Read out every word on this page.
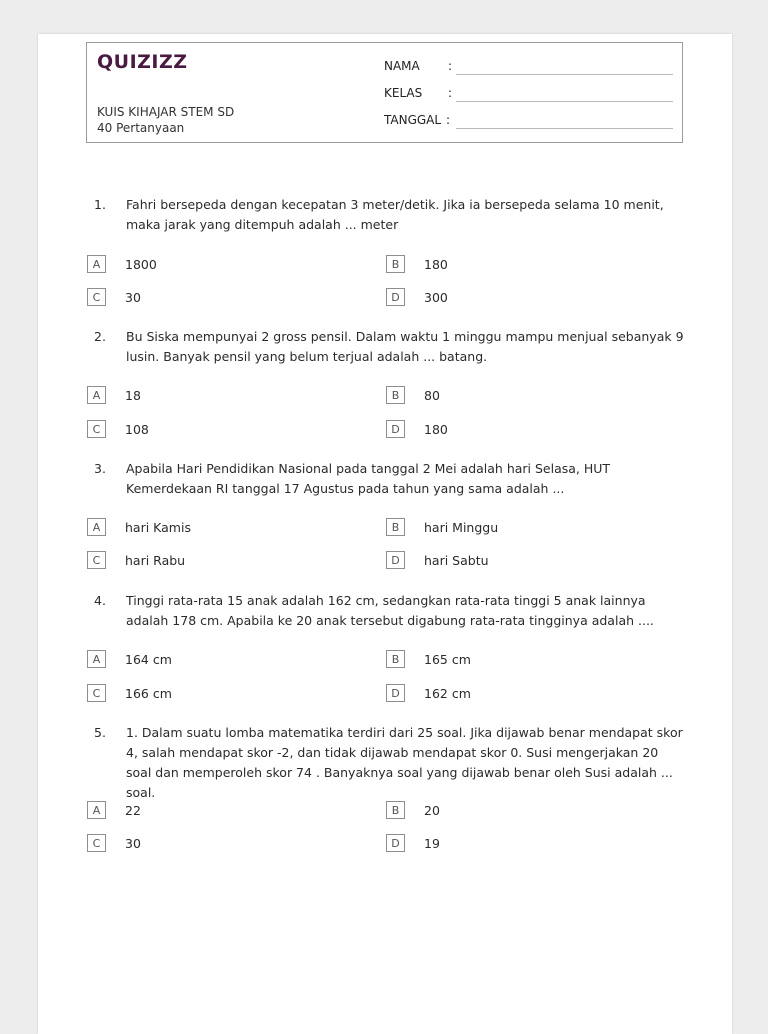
QUIZIZZ
KUIS KIHAJAR STEM SD
40 Pertanyaan
NAMA :
KELAS :
TANGGAL :
1. Fahri bersepeda dengan kecepatan 3 meter/detik. Jika ia bersepeda selama 10 menit, maka jarak yang ditempuh adalah ... meter
A	1800	B	180
C	30	D	300
2. Bu Siska mempunyai 2 gross pensil. Dalam waktu 1 minggu mampu menjual sebanyak 9 lusin. Banyak pensil yang belum terjual adalah ... batang.
A	18	B	80
C	108	D	180
3. Apabila Hari Pendidikan Nasional pada tanggal 2 Mei adalah hari Selasa, HUT Kemerdekaan RI tanggal 17 Agustus pada tahun yang sama adalah ...
A	hari Kamis	B	hari Minggu
C	hari Rabu	D	hari Sabtu
4. Tinggi rata-rata 15 anak adalah 162 cm, sedangkan rata-rata tinggi 5 anak lainnya adalah 178 cm. Apabila ke 20 anak tersebut digabung rata-rata tingginya adalah ....
A	164 cm	B	165 cm
C	166 cm	D	162 cm
5. 1. Dalam suatu lomba matematika terdiri dari 25 soal. Jika dijawab benar mendapat skor 4, salah mendapat skor -2, dan tidak dijawab mendapat skor 0. Susi mengerjakan 20 soal dan memperoleh skor 74 . Banyaknya soal yang dijawab benar oleh Susi adalah ... soal.
A	22	B	20
C	30	D	19
